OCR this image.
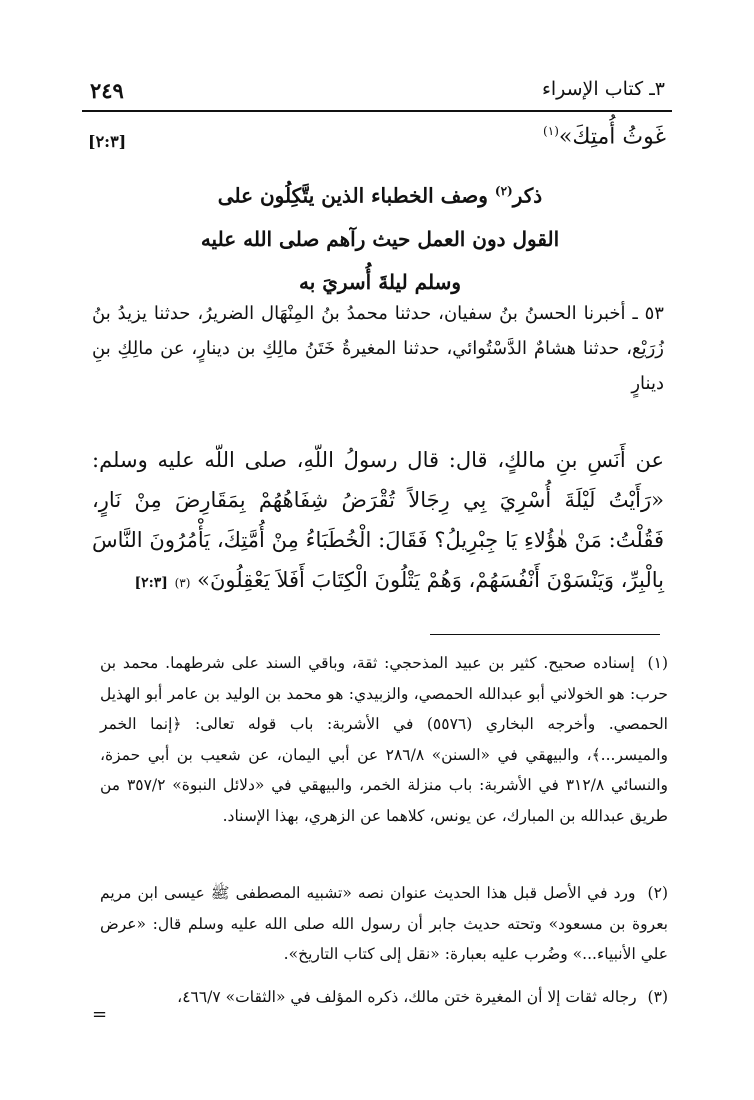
٣ـ كتاب الإسراء
٢٤٩
غَوثُ أُمتِكَ»$^{(١)}$
[٢:٣]
ذكر$^{(٢)}$ وصف الخطباء الذين يتَّكِلُون على
القول دون العمل حيث رآهم صلى الله عليه
وسلم ليلةَ أُسريَ به
٥٣ ـ أخبرنا الحسنُ بنُ سفيان، حدثنا محمدُ بنُ المِنْهَال الضريرُ، حدثنا يزيدُ بنُ زُرَيْع، حدثنا هشامٌ الدَّسْتُوائي، حدثنا المغيرةُ خَتَنُ مالِكِ بن دينارٍ، عن مالِكِ بنِ دينارٍ
عن أَنَسِ بنِ مالكٍ، قال: قال رسولُ اللّهِ، صلى اللّه عليه وسلم: «رَأَيْتُ لَيْلَةَ أُسْرِيَ بِي رِجَالاً تُقْرَضُ شِفَاهُهُمْ بِمَقَارِضَ مِنْ نَارٍ، فَقُلْتُ: مَنْ هٰؤُلاءِ يَا جِبْرِيلُ؟ فَقَالَ: الْخُطَبَاءُ مِنْ أُمَّتِكَ، يَأْمُرُونَ النَّاسَ بِالْبِرِّ، وَيَنْسَوْنَ أَنْفُسَهُمْ، وَهُمْ يَتْلُونَ الْكِتَابَ أَفَلاَ يَعْقِلُونَ» (٣) [٢:٣]
(١) إسناده صحيح. كثير بن عبيد المذحجي: ثقة، وباقي السند على شرطهما. محمد بن حرب: هو الخولاني أبو عبدالله الحمصي، والزبيدي: هو محمد بن الوليد بن عامر أبو الهذيل الحمصي. وأخرجه البخاري (٥٥٧٦) في الأشربة: باب قوله تعالى: ﴿إنما الخمر والميسر...﴾، والبيهقي في «السنن» ٢٨٦/٨ عن أبي اليمان، عن شعيب بن أبي حمزة، والنسائي ٣١٢/٨ في الأشربة: باب منزلة الخمر، والبيهقي في «دلائل النبوة» ٣٥٧/٢ من طريق عبدالله بن المبارك، عن يونس، كلاهما عن الزهري، بهذا الإسناد.
(٢) ورد في الأصل قبل هذا الحديث عنوان نصه «تشبيه المصطفى ﷺ عيسى ابن مريم بعروة بن مسعود» وتحته حديث جابر أن رسول الله صلى الله عليه وسلم قال: «عرض علي الأنبياء...» وضُرب عليه بعبارة: «نقل إلى كتاب التاريخ».
(٣) رجاله ثقات إلا أن المغيرة ختن مالك، ذكره المؤلف في «الثقات» ٤٦٦/٧،
=
